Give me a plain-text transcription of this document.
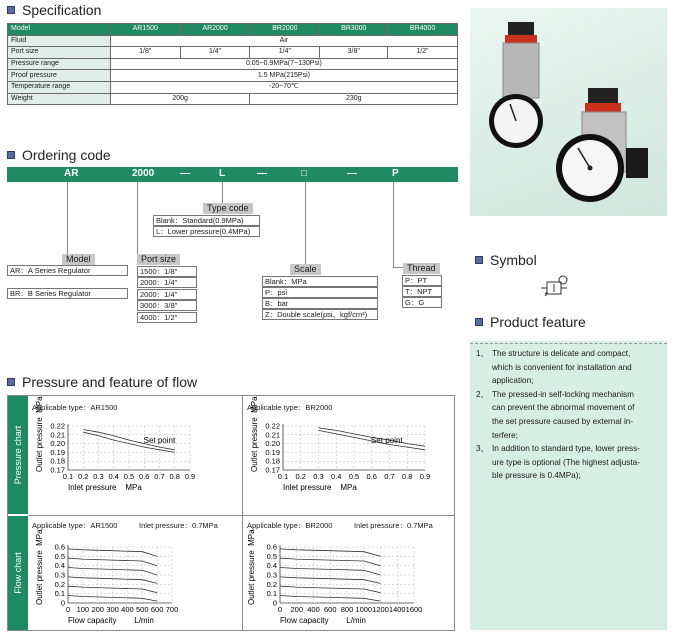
Specification
Model	AR1500	AR2000	BR2000	BR3000	BR4000
Fluid	Air				
Port size	1/8"	1/4"	1/4"	3/8"	1/2"
Pressure range	0.05~0.9MPa(7~130Psi)				
Proof pressure	1.5 MPa(215Psi)				
Temperature range	-20~70℃				
Weight	200g		230g		
Ordering code
AR	2000	—	L	—	□	—	P
Type code
Blank：Standard(0.9MPa)
L：Lower pressure(0.4MPa)
Model
AR：A Series Regulator
BR：B Series Regulator
Port size
1500：1/8"
2000：1/4"
2000：1/4"
3000：3/8"
4000：1/2"
Scale
Blank：MPa
P：psi
B：bar
Z：Double scale(psi、kgf/cm²)
Thread
P：PT
T：NPT
G：G
Pressure and feature of flow
Pressure chart
Flow chart
Applicable type：AR1500	Applicable type：BR2000
Applicable type：AR1500	Inlet pressure：0.7MPa	Applicable type：BR2000	Inlet pressure：0.7MPa
0.22
0.21
0.20
0.19
0.18
0.17
0.1 0.2 0.3 0.4 0.5 0.6 0.7 0.8 0.9
Inlet pressure    MPa
Outlet pressure  MPa	Set point
0.22
0.21
0.20
0.19
0.18
0.17
0.1 0.2 0.3 0.4 0.5 0.6 0.7 0.8 0.9
Inlet pressure    MPa
Outlet pressure  MPa	Set point
0.6
0.5
0.4
0.3
0.2
0.1
0
0 100 200 300 400 500 600 700
Flow capacity        L/min
Outlet pressure  MPa	0.6
0.5
0.4
0.3
0.2
0.1
0
0 200 400 600 800 1000 1200 1400 1600
Flow capacity        L/min
Outlet pressure  MPa
Symbol
Product feature
1、 The structure is delicate and compact,
which is convenient for installation and
application;
2、 The pressed-in self-locking mechanism
can prevent the abnormal movement of
the set pressure caused by external in-
terfere;
3、 In addition to standard type, lower press-
ure type is optional (The highest adjusta-
ble pressure is 0.4MPa);
